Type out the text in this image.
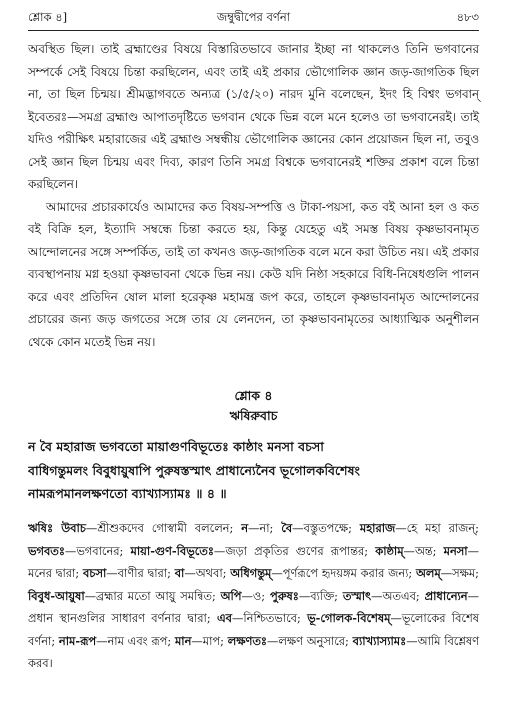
শ্লোক ৪]	জম্বুদ্বীপের বর্ণনা	৪৮৩

অবস্থিত ছিল। তাই ব্রহ্মাণ্ডের বিষয়ে বিস্তারিতভাবে জানার ইচ্ছা না থাকলেও তিনি ভগবানের সম্পর্কে সেই বিষয়ে চিন্তা করছিলেন, এবং তাই এই প্রকার ভৌগোলিক জ্ঞান জড়-জাগতিক ছিল না, তা ছিল চিন্ময়। শ্রীমদ্ভাগবতে অন্যত্র (১/৫/২০) নারদ মুনি বলেছেন, ইদং হি বিশ্বং ভগবান্ ইবেতরঃ—সমগ্র ব্রহ্মাণ্ড আপাতদৃষ্টিতে ভগবান থেকে ভিন্ন বলে মনে হলেও তা ভগবানেরই। তাই যদিও পরীক্ষিৎ মহারাজের এই ব্রহ্মাণ্ড সম্বন্ধীয় ভৌগোলিক জ্ঞানের কোন প্রয়োজন ছিল না, তবুও সেই জ্ঞান ছিল চিন্ময় এবং দিব্য, কারণ তিনি সমগ্র বিশ্বকে ভগবানেরই শক্তির প্রকাশ বলে চিন্তা করছিলেন।

আমাদের প্রচারকার্যেও আমাদের কত বিষয়-সম্পত্তি ও টাকা-পয়সা, কত বই আনা হল ও কত বই বিক্রি হল, ইত্যাদি সম্বন্ধে চিন্তা করতে হয়, কিন্তু যেহেতু এই সমস্ত বিষয় কৃষ্ণভাবনামৃত আন্দোলনের সঙ্গে সম্পর্কিত, তাই তা কখনও জড়-জাগতিক বলে মনে করা উচিত নয়। এই প্রকার ব্যবস্থাপনায় মগ্ন হওয়া কৃষ্ণভাবনা থেকে ভিন্ন নয়। কেউ যদি নিষ্ঠা সহকারে বিধি-নিষেধগুলি পালন করে এবং প্রতিদিন ষোল মালা হরেকৃষ্ণ মহামন্ত্র জপ করে, তাহলে কৃষ্ণভাবনামৃত আন্দোলনের প্রচারের জন্য জড় জগতের সঙ্গে তার যে লেনদেন, তা কৃষ্ণভাবনামৃতের আধ্যাত্মিক অনুশীলন থেকে কোন মতেই ভিন্ন নয়।

শ্লোক ৪
ঋষিরুবাচ
ন বৈ মহারাজ ভগবতো মায়াগুণবিভূতেঃ কাষ্ঠাং মনসা বচসা
বাধিগন্তুমলং বিবুধায়ুষাপি পুরুষস্তস্মাৎ প্রাধান্যেনৈব ভূগোলকবিশেষং
নামরূপমানলক্ষণতো ব্যাখ্যাস্যামঃ ॥ ৪ ॥
ঋষিঃ উবাচ—শ্রীশুকদেব গোস্বামী বললেন; ন—না; বৈ—বস্তুতপক্ষে; মহারাজ—হে মহা রাজন্; ভগবতঃ—ভগবানের; মায়া-গুণ-বিভূতেঃ—জড়া প্রকৃতির গুণের রূপান্তর; কাষ্ঠাম্—অন্ত; মনসা—মনের দ্বারা; বচসা—বাণীর দ্বারা; বা—অথবা; অধিগন্তুম্—পূর্ণরূপে হৃদয়ঙ্গম করার জন্য; অলম্—সক্ষম; বিবুধ-আয়ুষা—ব্রহ্মার মতো আয়ু সমন্বিত; অপি—ও; পুরুষঃ—ব্যক্তি; তস্মাৎ—অতএব; প্রাধান্যেন—প্রধান স্থানগুলির সাধারণ বর্ণনার দ্বারা; এব—নিশ্চিতভাবে; ভূ-গোলক-বিশেষম্—ভূলোকের বিশেষ বর্ণনা; নাম-রূপ—নাম এবং রূপ; মান—মাপ; লক্ষণতঃ—লক্ষণ অনুসারে; ব্যাখ্যাস্যামঃ—আমি বিশ্লেষণ করব।
